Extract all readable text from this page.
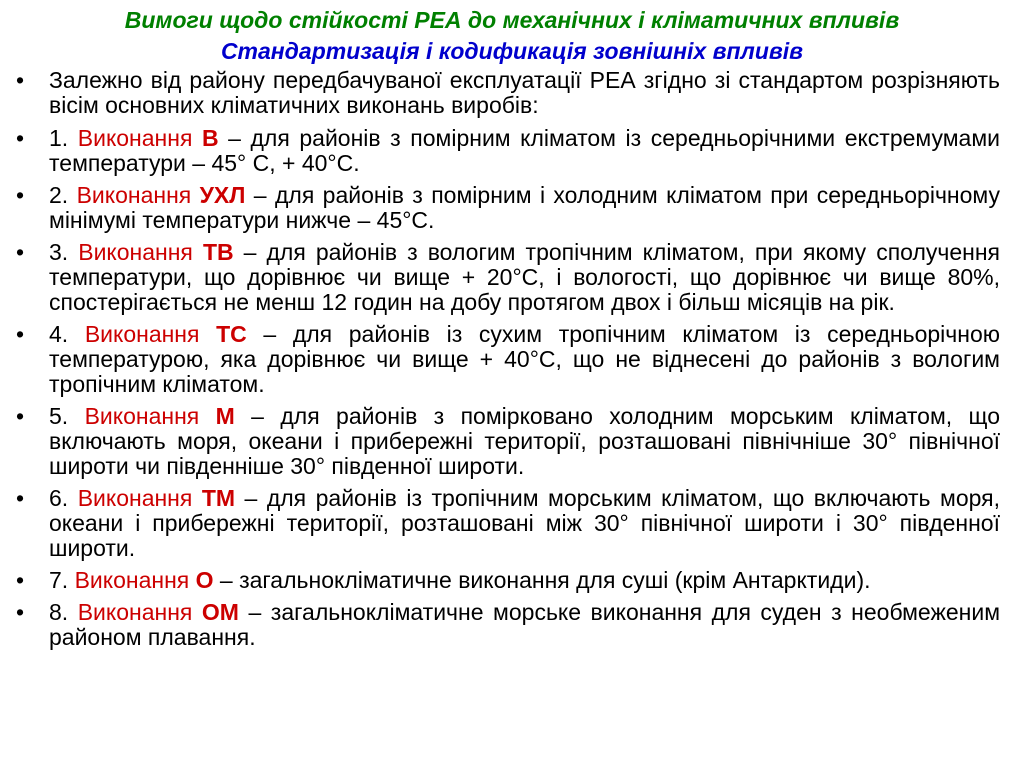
Вимоги щодо стійкості РЕА до механічних і кліматичних впливів
Стандартизація і кодификація зовнішніх впливів
• Залежно від району передбачуваної експлуатації РЕА згідно зі стандартом розрізняють вісім основних кліматичних виконань виробів:
• 1. Виконання В – для районів з помірним кліматом із середньорічними екстремумами температури – 45° С, + 40°С.
• 2. Виконання УХЛ – для районів з помірним і холодним кліматом при середньорічному мінімумі температури нижче – 45°С.
• 3. Виконання ТВ – для районів з вологим тропічним кліматом, при якому сполучення температури, що дорівнює чи вище + 20°С, і вологості, що дорівнює чи вище 80%, спостерігається не менш 12 годин на добу протягом двох і більш місяців на рік.
• 4. Виконання ТС – для районів із сухим тропічним кліматом із середньорічною температурою, яка дорівнює чи вище + 40°С, що не віднесені до районів з вологим тропічним кліматом.
• 5. Виконання М – для районів з помірковано холодним морським кліматом, що включають моря, океани і прибережні території, розташовані північніше 30° північної широти чи південніше 30° південної широти.
• 6. Виконання ТМ – для районів із тропічним морським кліматом, що включають моря, океани і прибережні території, розташовані між 30° північної широти і 30° південної широти.
• 7. Виконання О – загальнокліматичне виконання для суші (крім Антарктиди).
• 8. Виконання ОМ – загальнокліматичне морське виконання для суден з необмеженим районом плавання.
